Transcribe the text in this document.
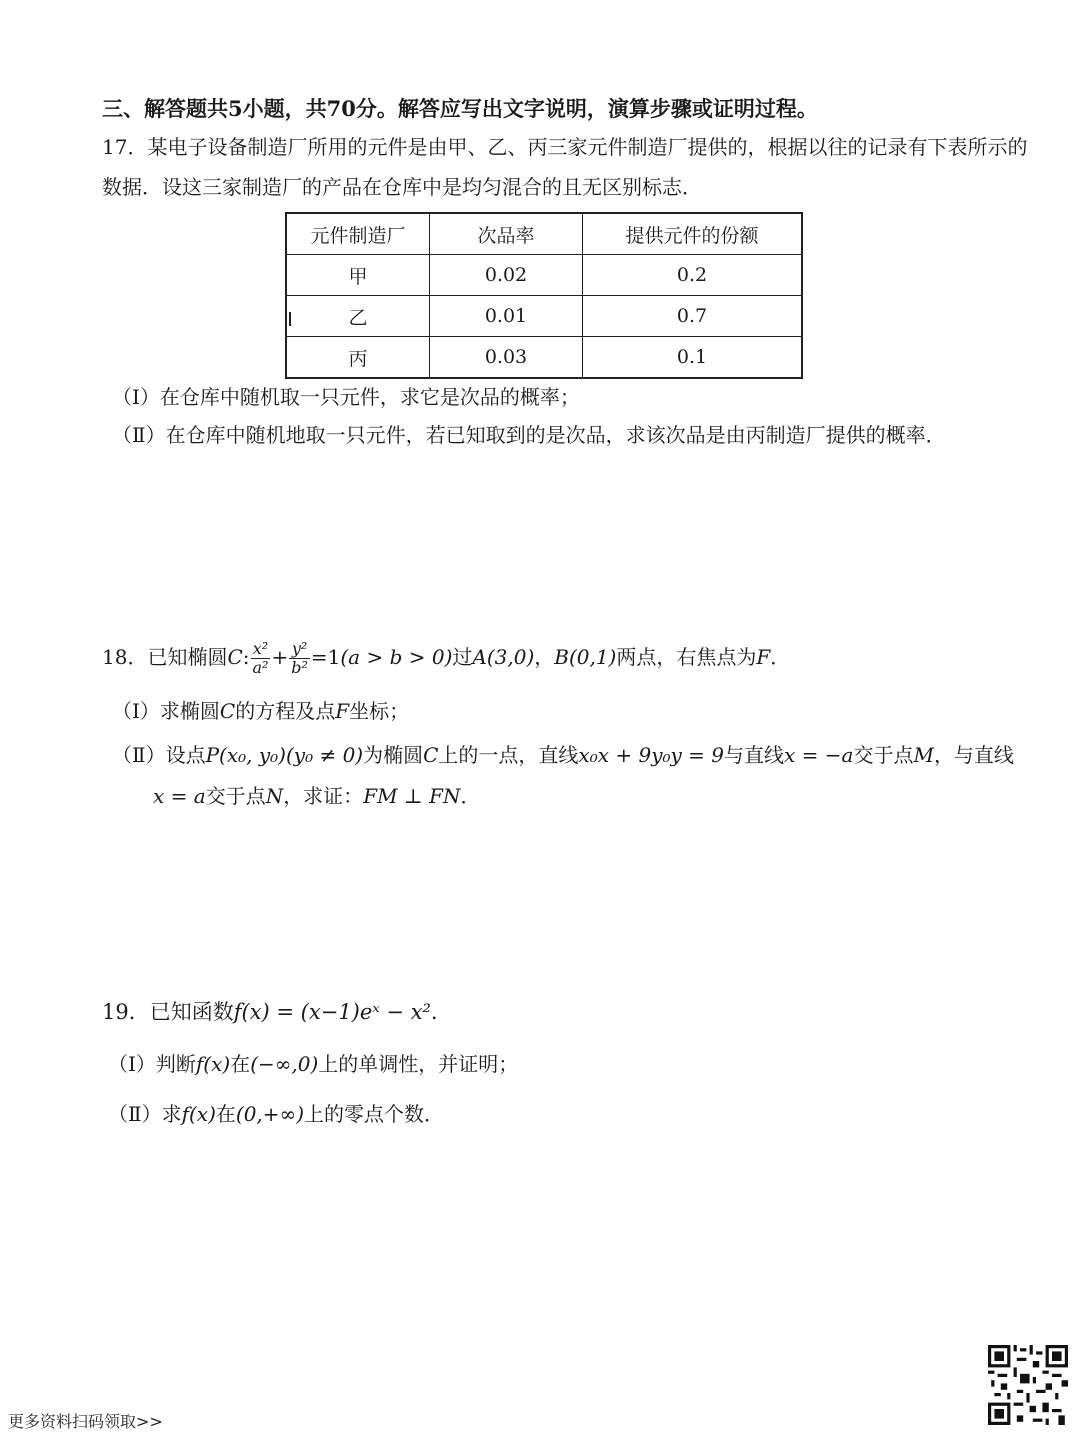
三、解答题共5小题，共70分。解答应写出文字说明，演算步骤或证明过程。
17．某电子设备制造厂所用的元件是由甲、乙、丙三家元件制造厂提供的，根据以往的记录有下表所示的
数据．设这三家制造厂的产品在仓库中是均匀混合的且无区别标志．
元件制造厂	次品率	提供元件的份额
甲	0.02	0.2
乙	0.01	0.7
丙	0.03	0.1
（Ⅰ）在仓库中随机取一只元件，求它是次品的概率；
（Ⅱ）在仓库中随机地取一只元件，若已知取到的是次品，求该次品是由丙制造厂提供的概率．
18．已知椭圆C: $\frac{\text{x²}}{\text{a²}} + \frac{\text{y²}}{\text{b²}} =1(a > b > 0)$过A(3,0)，B(0,1)两点，右焦点为F．
（Ⅰ）求椭圆C的方程及点F坐标；
（Ⅱ）设点P(x₀, y₀)(y₀ ≠ 0)为椭圆C上的一点，直线x₀x + 9y₀y = 9与直线x = −a交于点M，与直线
x = a交于点N，求证：FM ⊥ FN．
19．已知函数f(x) = (x−1)eˣ − x²．
（Ⅰ）判断f(x)在(−∞,0)上的单调性，并证明；
（Ⅱ）求f(x)在(0,+∞)上的零点个数．
更多资料扫码领取>>
